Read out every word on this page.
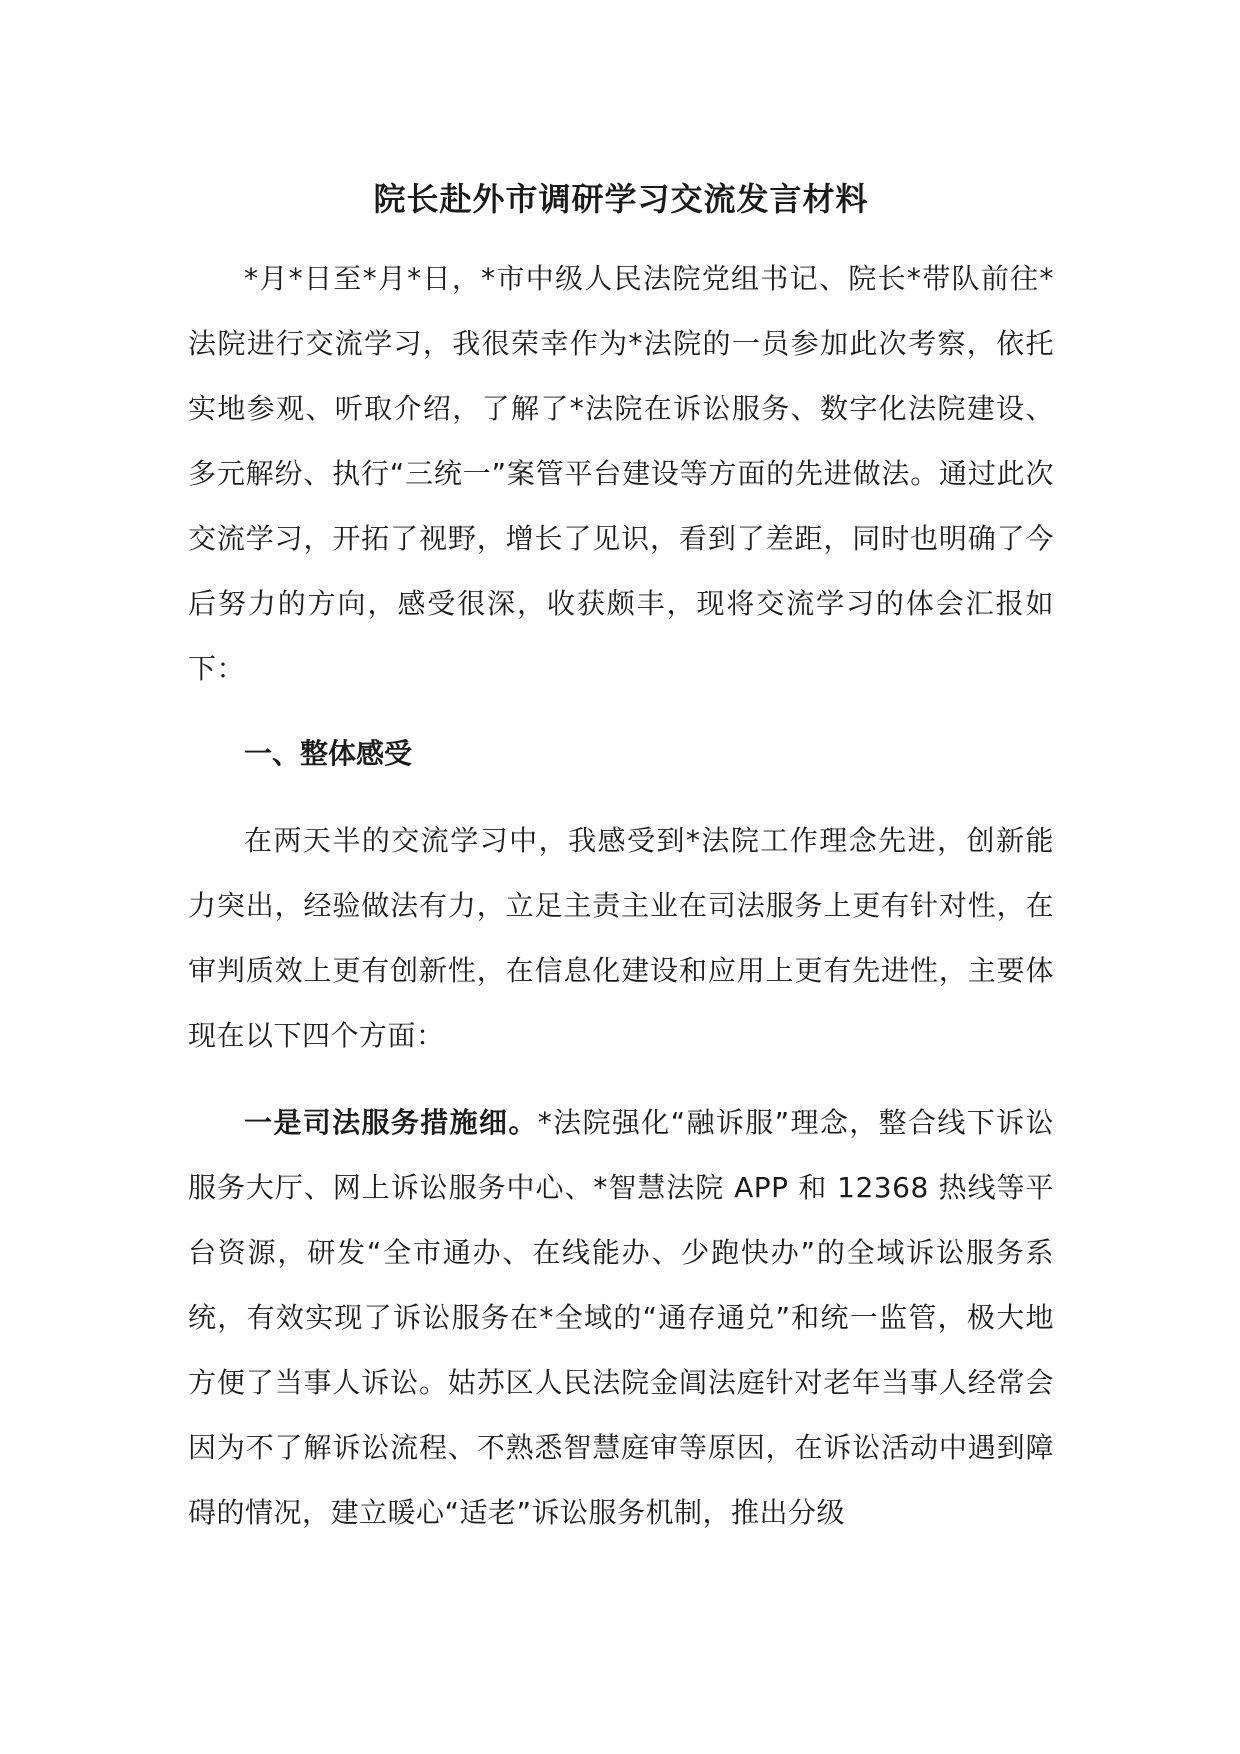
院长赴外市调研学习交流发言材料

*月*日至*月*日，*市中级人民法院党组书记、院长*带队前往*法院进行交流学习，我很荣幸作为*法院的一员参加此次考察，依托实地参观、听取介绍，了解了*法院在诉讼服务、数字化法院建设、多元解纷、执行“三统一”案管平台建设等方面的先进做法。通过此次交流学习，开拓了视野，增长了见识，看到了差距，同时也明确了今后努力的方向，感受很深，收获颇丰，现将交流学习的体会汇报如下：

一、整体感受

在两天半的交流学习中，我感受到*法院工作理念先进，创新能力突出，经验做法有力，立足主责主业在司法服务上更有针对性，在审判质效上更有创新性，在信息化建设和应用上更有先进性，主要体现在以下四个方面：

一是司法服务措施细。*法院强化“融诉服”理念，整合线下诉讼服务大厅、网上诉讼服务中心、*智慧法院 APP 和 12368 热线等平台资源，研发“全市通办、在线能办、少跑快办”的全域诉讼服务系统，有效实现了诉讼服务在*全域的“通存通兑”和统一监管，极大地方便了当事人诉讼。姑苏区人民法院金阊法庭针对老年当事人经常会因为不了解诉讼流程、不熟悉智慧庭审等原因，在诉讼活动中遇到障碍的情况，建立暖心“适老”诉讼服务机制，推出分级
